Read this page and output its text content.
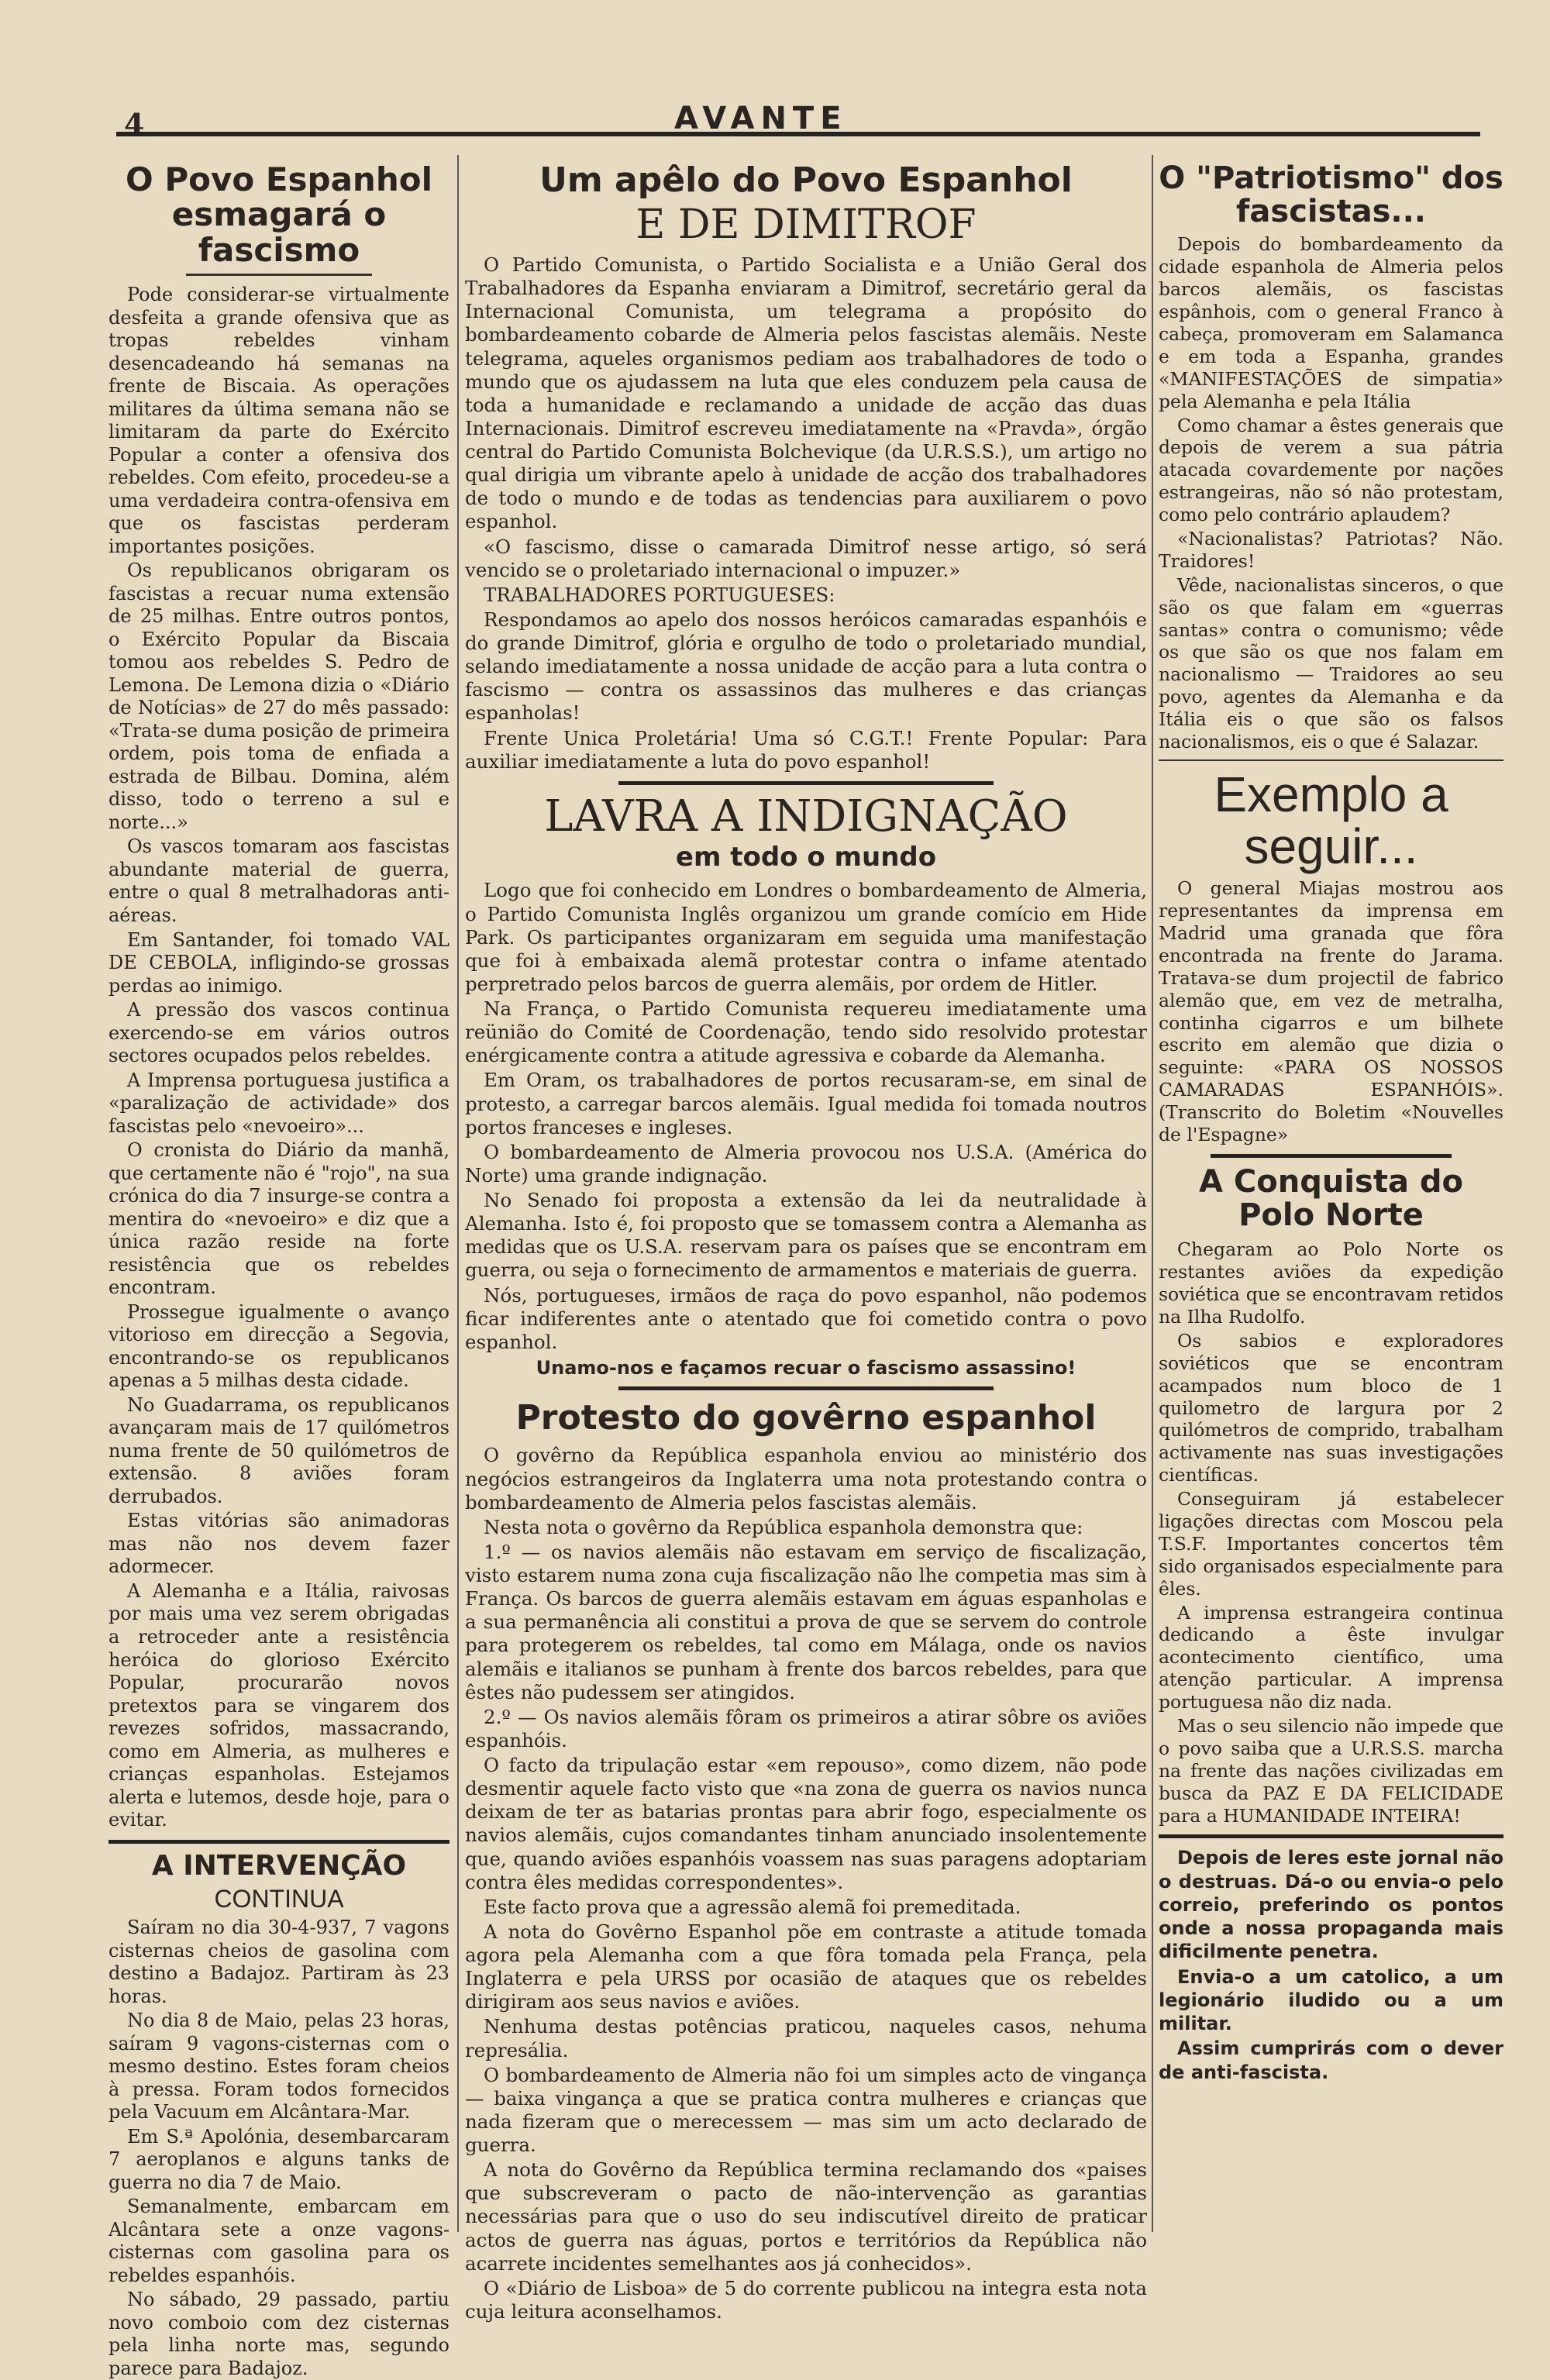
4	AVANTE
O Povo Espanhol esmagará o fascismo

Pode considerar-se virtualmente desfeita a grande ofensiva que as tropas rebeldes vinham desencadeando há semanas na frente de Biscaia. As operações militares da última semana não se limitaram da parte do Exército Popular a conter a ofensiva dos rebeldes. Com efeito, procedeu-se a uma verdadeira contra-ofensiva em que os fascistas perderam importantes posições.

Os republicanos obrigaram os fascistas a recuar numa extensão de 25 milhas. Entre outros pontos, o Exército Popular da Biscaia tomou aos rebeldes S. Pedro de Lemona. De Lemona dizia o «Diário de Notícias» de 27 do mês passado: «Trata-se duma posição de primeira ordem, pois toma de enfiada a estrada de Bilbau. Domina, além disso, todo o terreno a sul e norte...»

Os vascos tomaram aos fascistas abundante material de guerra, entre o qual 8 metralhadoras anti-aéreas.

Em Santander, foi tomado VAL DE CEBOLA, infligindo-se grossas perdas ao inimigo.

A pressão dos vascos continua exercendo-se em vários outros sectores ocupados pelos rebeldes.

A Imprensa portuguesa justifica a «paralização de actividade» dos fascistas pelo «nevoeiro»...

O cronista do Diário da manhã, que certamente não é "rojo", na sua crónica do dia 7 insurge-se contra a mentira do «nevoeiro» e diz que a única razão reside na forte resistência que os rebeldes encontram.

Prossegue igualmente o avanço vitorioso em direcção a Segovia, encontrando-se os republicanos apenas a 5 milhas desta cidade.

No Guadarrama, os republicanos avançaram mais de 17 quilómetros numa frente de 50 quilómetros de extensão. 8 aviões foram derrubados.

Estas vitórias são animadoras mas não nos devem fazer adormecer.

A Alemanha e a Itália, raivosas por mais uma vez serem obrigadas a retroceder ante a resistência heróica do glorioso Exército Popular, procurarão novos pretextos para se vingarem dos revezes sofridos, massacrando, como em Almeria, as mulheres e crianças espanholas. Estejamos alerta e lutemos, desde hoje, para o evitar.

A INTERVENÇÃO
CONTINUA

Saíram no dia 30-4-937, 7 vagons cisternas cheios de gasolina com destino a Badajoz. Partiram às 23 horas.

No dia 8 de Maio, pelas 23 horas, saíram 9 vagons-cisternas com o mesmo destino. Estes foram cheios à pressa. Foram todos fornecidos pela Vacuum em Alcântara-Mar.

Em S.ª Apolónia, desembarcaram 7 aeroplanos e alguns tanks de guerra no dia 7 de Maio.

Semanalmente, embarcam em Alcântara sete a onze vagons-cisternas com gasolina para os rebeldes espanhóis.

No sábado, 29 passado, partiu novo comboio com dez cisternas pela linha norte mas, segundo parece para Badajoz.

Um apêlo do Povo Espanhol
E DE DIMITROF

O Partido Comunista, o Partido Socialista e a União Geral dos Trabalhadores da Espanha enviaram a Dimitrof, secretário geral da Internacional Comunista, um telegrama a propósito do bombardeamento cobarde de Almeria pelos fascistas alemãis. Neste telegrama, aqueles organismos pediam aos trabalhadores de todo o mundo que os ajudassem na luta que eles conduzem pela causa de toda a humanidade e reclamando a unidade de acção das duas Internacionais. Dimitrof escreveu imediatamente na «Pravda», órgão central do Partido Comunista Bolchevique (da U.R.S.S.), um artigo no qual dirigia um vibrante apelo à unidade de acção dos trabalhadores de todo o mundo e de todas as tendencias para auxiliarem o povo espanhol.

«O fascismo, disse o camarada Dimitrof nesse artigo, só será vencido se o proletariado internacional o impuzer.»

TRABALHADORES PORTUGUESES:

Respondamos ao apelo dos nossos heróicos camaradas espanhóis e do grande Dimitrof, glória e orgulho de todo o proletariado mundial, selando imediatamente a nossa unidade de acção para a luta contra o fascismo — contra os assassinos das mulheres e das crianças espanholas!

Frente Unica Proletária! Uma só C.G.T.! Frente Popular: Para auxiliar imediatamente a luta do povo espanhol!

LAVRA A INDIGNAÇÃO
em todo o mundo

Logo que foi conhecido em Londres o bombardeamento de Almeria, o Partido Comunista Inglês organizou um grande comício em Hide Park. Os participantes organizaram em seguida uma manifestação que foi à embaixada alemã protestar contra o infame atentado perpretrado pelos barcos de guerra alemãis, por ordem de Hitler.

Na França, o Partido Comunista requereu imediatamente uma reünião do Comité de Coordenação, tendo sido resolvido protestar enérgicamente contra a atitude agressiva e cobarde da Alemanha.

Em Oram, os trabalhadores de portos recusaram-se, em sinal de protesto, a carregar barcos alemãis. Igual medida foi tomada noutros portos franceses e ingleses.

O bombardeamento de Almeria provocou nos U.S.A. (América do Norte) uma grande indignação.

No Senado foi proposta a extensão da lei da neutralidade à Alemanha. Isto é, foi proposto que se tomassem contra a Alemanha as medidas que os U.S.A. reservam para os países que se encontram em guerra, ou seja o fornecimento de armamentos e materiais de guerra.

Nós, portugueses, irmãos de raça do povo espanhol, não podemos ficar indiferentes ante o atentado que foi cometido contra o povo espanhol.

Unamo-nos e façamos recuar o fascismo assassino!
Protesto do govêrno espanhol

O govêrno da República espanhola enviou ao ministério dos negócios estrangeiros da Inglaterra uma nota protestando contra o bombardeamento de Almeria pelos fascistas alemãis.

Nesta nota o govêrno da República espanhola demonstra que:

1.º — os navios alemãis não estavam em serviço de fiscalização, visto estarem numa zona cuja fiscalização não lhe competia mas sim à França. Os barcos de guerra alemãis estavam em águas espanholas e a sua permanência ali constitui a prova de que se servem do controle para protegerem os rebeldes, tal como em Málaga, onde os navios alemãis e italianos se punham à frente dos barcos rebeldes, para que êstes não pudessem ser atingidos.

2.º — Os navios alemãis fôram os primeiros a atirar sôbre os aviões espanhóis.

O facto da tripulação estar «em repouso», como dizem, não pode desmentir aquele facto visto que «na zona de guerra os navios nunca deixam de ter as batarias prontas para abrir fogo, especialmente os navios alemãis, cujos comandantes tinham anunciado insolentemente que, quando aviões espanhóis voassem nas suas paragens adoptariam contra êles medidas correspondentes».

Este facto prova que a agressão alemã foi premeditada.

A nota do Govêrno Espanhol põe em contraste a atitude tomada agora pela Alemanha com a que fôra tomada pela França, pela Inglaterra e pela URSS por ocasião de ataques que os rebeldes dirigiram aos seus navios e aviões.

Nenhuma destas potências praticou, naqueles casos, nehuma represália.

O bombardeamento de Almeria não foi um simples acto de vingança — baixa vingança a que se pratica contra mulheres e crianças que nada fizeram que o merecessem — mas sim um acto declarado de guerra.

A nota do Govêrno da República termina reclamando dos «paises que subscreveram o pacto de não-intervenção as garantias necessárias para que o uso do seu indiscutível direito de praticar actos de guerra nas águas, portos e territórios da República não acarrete incidentes semelhantes aos já conhecidos».

O «Diário de Lisboa» de 5 do corrente publicou na integra esta nota cuja leitura aconselhamos.

O "Patriotismo" dos fascistas...

Depois do bombardeamento da cidade espanhola de Almeria pelos barcos alemãis, os fascistas espânhois, com o general Franco à cabeça, promoveram em Salamanca e em toda a Espanha, grandes «MANIFESTAÇÕES de simpatia» pela Alemanha e pela Itália

Como chamar a êstes generais que depois de verem a sua pátria atacada covardemente por nações estrangeiras, não só não protestam, como pelo contrário aplaudem?

«Nacionalistas? Patriotas? Não. Traidores!

Vêde, nacionalistas sinceros, o que são os que falam em «guerras santas» contra o comunismo; vêde os que são os que nos falam em nacionalismo — Traidores ao seu povo, agentes da Alemanha e da Itália eis o que são os falsos nacionalismos, eis o que é Salazar.

Exemplo a seguir...

O general Miajas mostrou aos representantes da imprensa em Madrid uma granada que fôra encontrada na frente do Jarama. Tratava-se dum projectil de fabrico alemão que, em vez de metralha, continha cigarros e um bilhete escrito em alemão que dizia o seguinte: «PARA OS NOSSOS CAMARADAS ESPANHÓIS». (Transcrito do Boletim «Nouvelles de l'Espagne»

A Conquista do Polo Norte

Chegaram ao Polo Norte os restantes aviões da expedição soviética que se encontravam retidos na Ilha Rudolfo.

Os sabios e exploradores soviéticos que se encontram acampados num bloco de 1 quilometro de largura por 2 quilómetros de comprido, trabalham activamente nas suas investigações científicas.

Conseguiram já estabelecer ligações directas com Moscou pela T.S.F. Importantes concertos têm sido organisados especialmente para êles.

A imprensa estrangeira continua dedicando a êste invulgar acontecimento científico, uma atenção particular. A imprensa portuguesa não diz nada.

Mas o seu silencio não impede que o povo saiba que a U.R.S.S. marcha na frente das nações civilizadas em busca da PAZ E DA FELICIDADE para a HUMANIDADE INTEIRA!

Depois de leres este jornal não o destruas. Dá-o ou envia-o pelo correio, preferindo os pontos onde a nossa propaganda mais dificilmente penetra.

Envia-o a um catolico, a um legionário iludido ou a um militar.

Assim cumprirás com o dever de anti-fascista.
